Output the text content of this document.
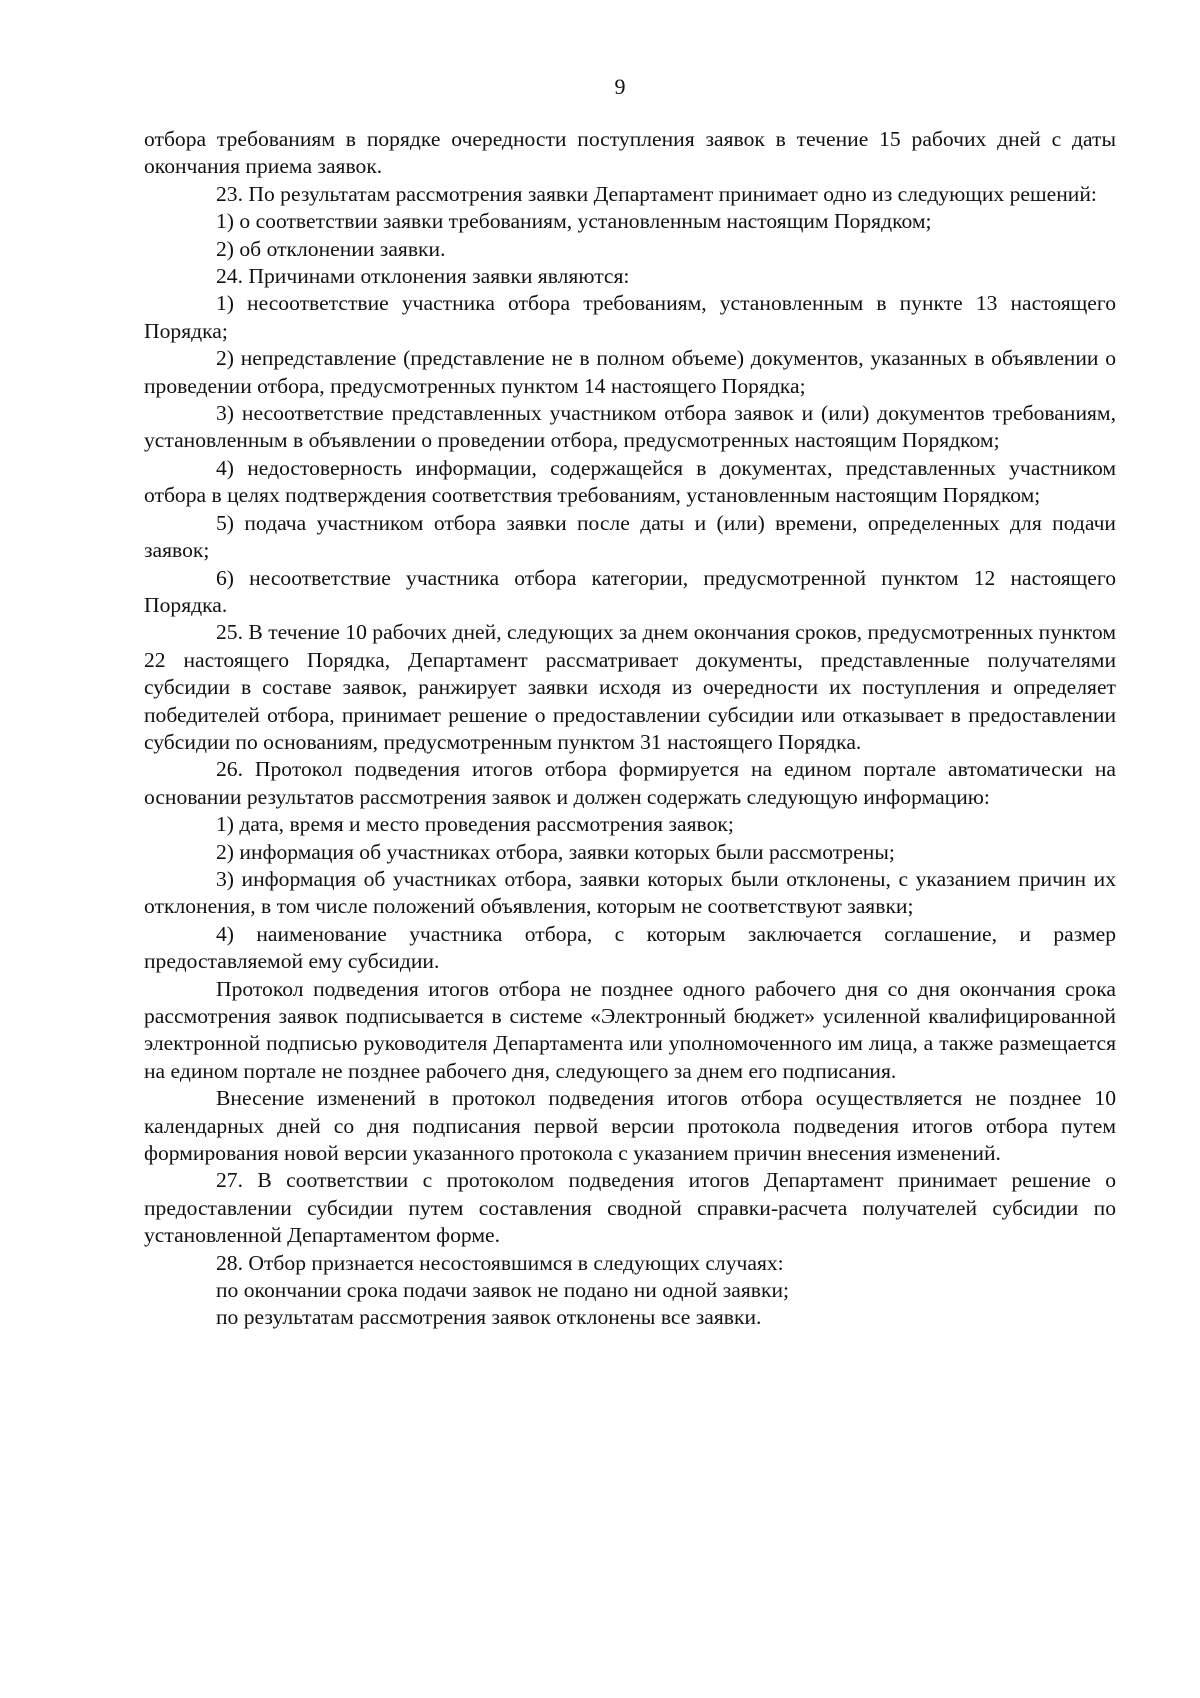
9

отбора требованиям в порядке очередности поступления заявок в течение 15 рабочих дней с даты окончания приема заявок.

23. По результатам рассмотрения заявки Департамент принимает одно из следующих решений:

1) о соответствии заявки требованиям, установленным настоящим Порядком;

2) об отклонении заявки.

24. Причинами отклонения заявки являются:

1) несоответствие участника отбора требованиям, установленным в пункте 13 настоящего Порядка;

2) непредставление (представление не в полном объеме) документов, указанных в объявлении о проведении отбора, предусмотренных пунктом 14 настоящего Порядка;

3) несоответствие представленных участником отбора заявок и (или) документов требованиям, установленным в объявлении о проведении отбора, предусмотренных настоящим Порядком;

4) недостоверность информации, содержащейся в документах, представленных участником отбора в целях подтверждения соответствия требованиям, установленным настоящим Порядком;

5) подача участником отбора заявки после даты и (или) времени, определенных для подачи заявок;

6) несоответствие участника отбора категории, предусмотренной пунктом 12 настоящего Порядка.

25. В течение 10 рабочих дней, следующих за днем окончания сроков, предусмотренных пунктом 22 настоящего Порядка, Департамент рассматривает документы, представленные получателями субсидии в составе заявок, ранжирует заявки исходя из очередности их поступления и определяет победителей отбора, принимает решение о предоставлении субсидии или отказывает в предоставлении субсидии по основаниям, предусмотренным пунктом 31 настоящего Порядка.

26. Протокол подведения итогов отбора формируется на едином портале автоматически на основании результатов рассмотрения заявок и должен содержать следующую информацию:

1) дата, время и место проведения рассмотрения заявок;

2) информация об участниках отбора, заявки которых были рассмотрены;

3) информация об участниках отбора, заявки которых были отклонены, с указанием причин их отклонения, в том числе положений объявления, которым не соответствуют заявки;

4) наименование участника отбора, с которым заключается соглашение, и размер предоставляемой ему субсидии.

Протокол подведения итогов отбора не позднее одного рабочего дня со дня окончания срока рассмотрения заявок подписывается в системе «Электронный бюджет» усиленной квалифицированной электронной подписью руководителя Департамента или уполномоченного им лица, а также размещается на едином портале не позднее рабочего дня, следующего за днем его подписания.

Внесение изменений в протокол подведения итогов отбора осуществляется не позднее 10 календарных дней со дня подписания первой версии протокола подведения итогов отбора путем формирования новой версии указанного протокола с указанием причин внесения изменений.

27. В соответствии с протоколом подведения итогов Департамент принимает решение о предоставлении субсидии путем составления сводной справки-расчета получателей субсидии по установленной Департаментом форме.

28. Отбор признается несостоявшимся в следующих случаях:

по окончании срока подачи заявок не подано ни одной заявки;

по результатам рассмотрения заявок отклонены все заявки.
